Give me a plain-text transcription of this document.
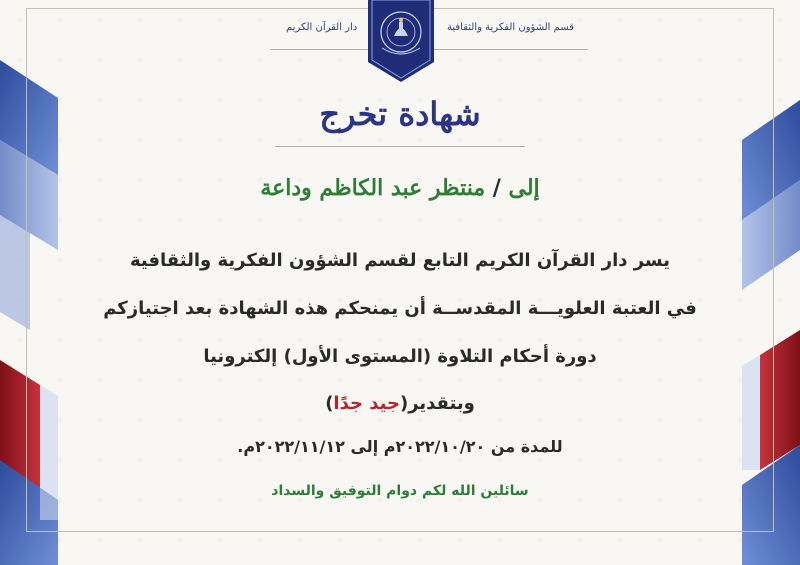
دار القرآن الكريم	قسم الشؤون الفكرية والثقافية
شهادة تخرج
إلى / منتظر عبد الكاظم وداعة
يسر دار القرآن الكريم التابع لقسم الشؤون الفكرية والثقافية
في العتبة العلويـــة المقدســة أن يمنحكم هذه الشهادة بعد اجتيازكم
دورة أحكام التلاوة (المستوى الأول) إلكترونيا
وبتقدير(جيد جدًا)
للمدة من ٢٠٢٢/١٠/٢٠م إلى ٢٠٢٢/١١/١٢م.
سائلين الله لكم دوام التوفيق والسداد
